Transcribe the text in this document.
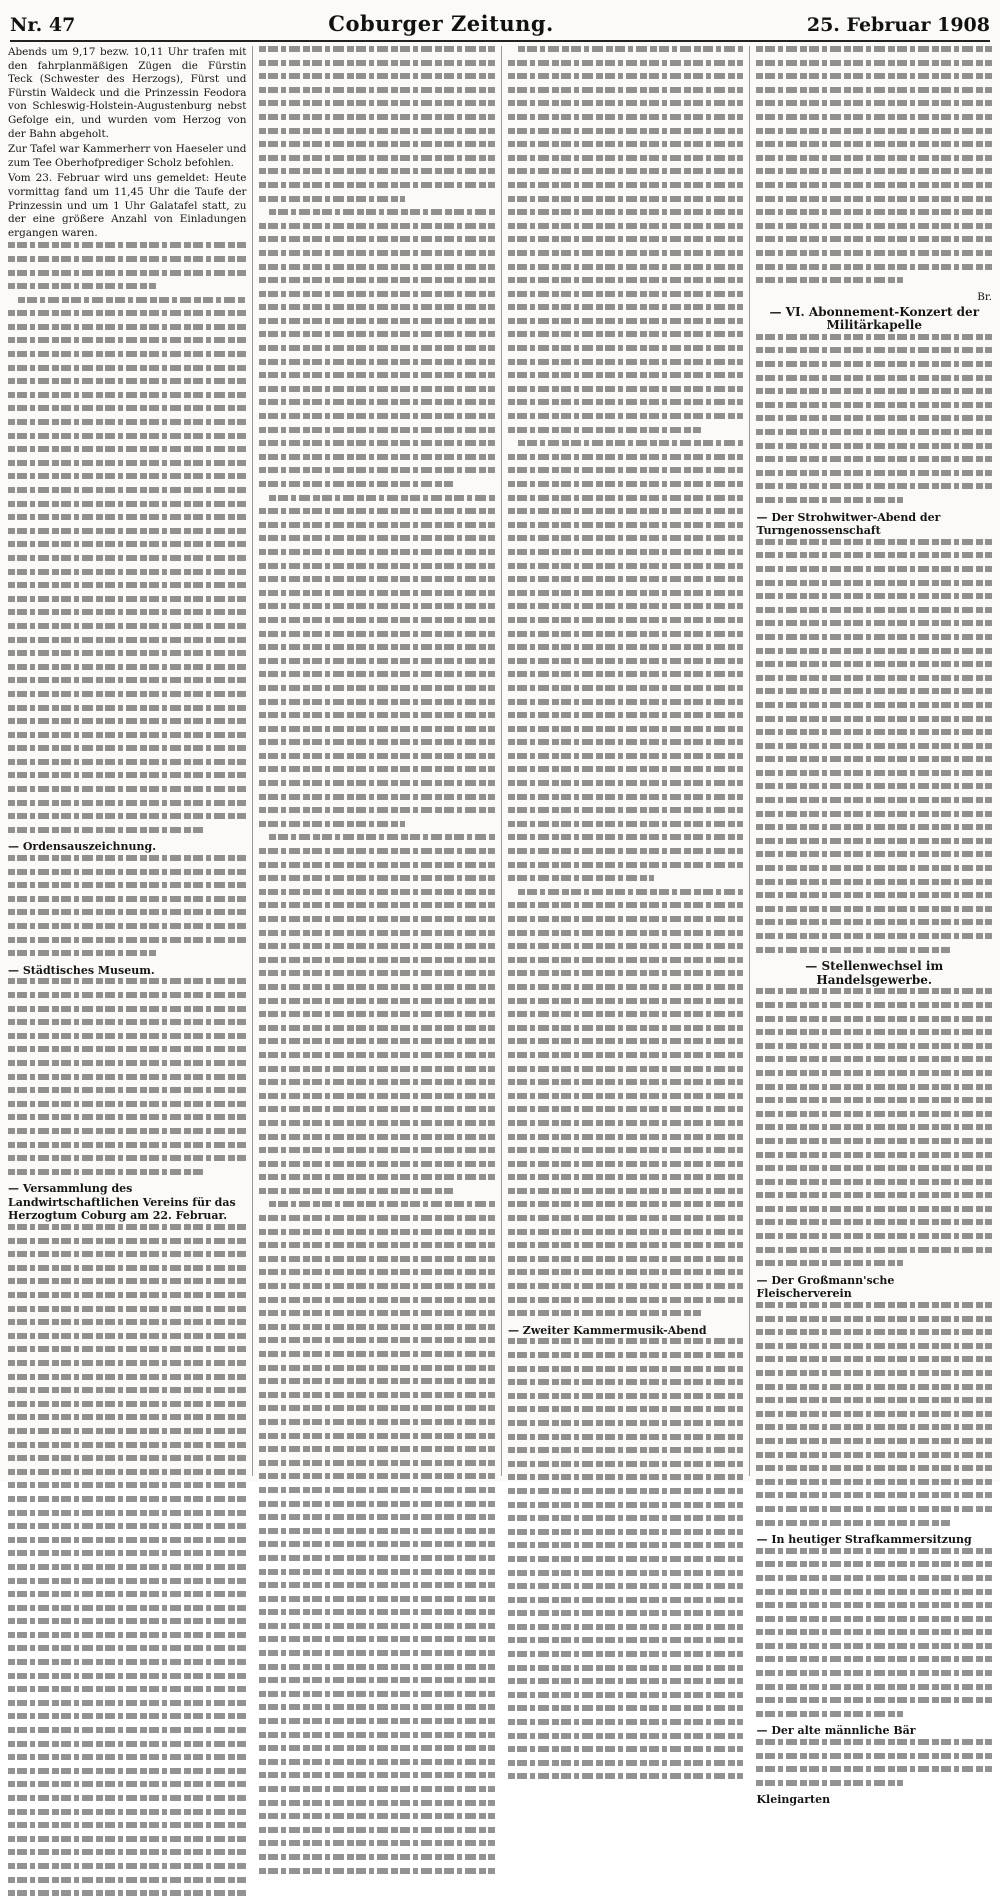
Nr. 47	Coburger Zeitung.	25. Februar 1908

Abends um 9,17 bezw. 10,11 Uhr trafen mit den fahrplanmäßigen Zügen die Fürstin Teck (Schwester des Herzogs), Fürst und Fürstin Waldeck und die Prinzessin Feodora von Schleswig-Holstein-Augustenburg nebst Gefolge ein, und wurden vom Herzog von der Bahn abgeholt.

Zur Tafel war Kammerherr von Haeseler und zum Tee Oberhofprediger Scholz befohlen.

Vom 23. Februar wird uns gemeldet: Heute vormittag fand um 11,45 Uhr die Taufe der Prinzessin und um 1 Uhr Galatafel statt, zu der eine größere Anzahl von Einladungen ergangen waren.

— Ordensauszeichnung.
— Städtisches Museum.
— Versammlung des Landwirtschaftlichen Vereins für das Herzogtum Coburg am 22. Februar.
— Zweiter Kammermusik-Abend
Br.
— VI. Abonnement-Konzert der Militärkapelle
— Der Strohwitwer-Abend der Turngenossenschaft
— Stellenwechsel im Handelsgewerbe.
— Der Großmann'sche Fleischerverein
— In heutiger Strafkammersitzung
— Der alte männliche Bär
Kleingarten
